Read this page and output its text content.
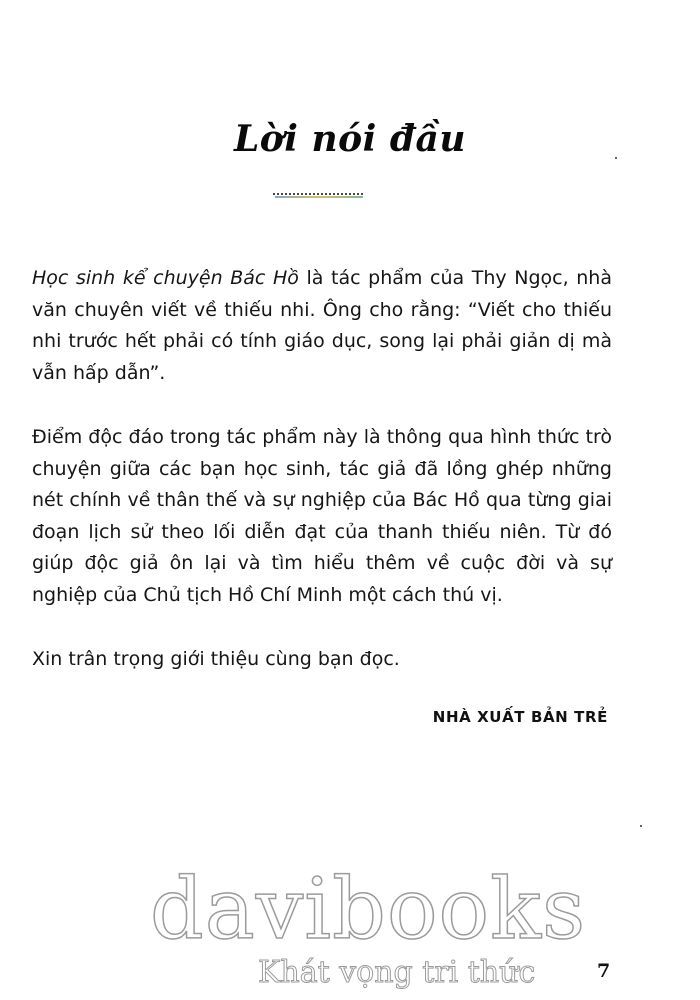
Lời nói đầu
Học sinh kể chuyện Bác Hồ là tác phẩm của Thy Ngọc, nhà văn chuyên viết về thiếu nhi. Ông cho rằng: “Viết cho thiếu nhi trước hết phải có tính giáo dục, song lại phải giản dị mà vẫn hấp dẫn”.
Điểm độc đáo trong tác phẩm này là thông qua hình thức trò chuyện giữa các bạn học sinh, tác giả đã lồng ghép những nét chính về thân thế và sự nghiệp của Bác Hồ qua từng giai đoạn lịch sử theo lối diễn đạt của thanh thiếu niên. Từ đó giúp độc giả ôn lại và tìm hiểu thêm về cuộc đời và sự nghiệp của Chủ tịch Hồ Chí Minh một cách thú vị.
Xin trân trọng giới thiệu cùng bạn đọc.
NHÀ XUẤT BẢN TRẺ
davibooks
Khát vọng tri thức	7
